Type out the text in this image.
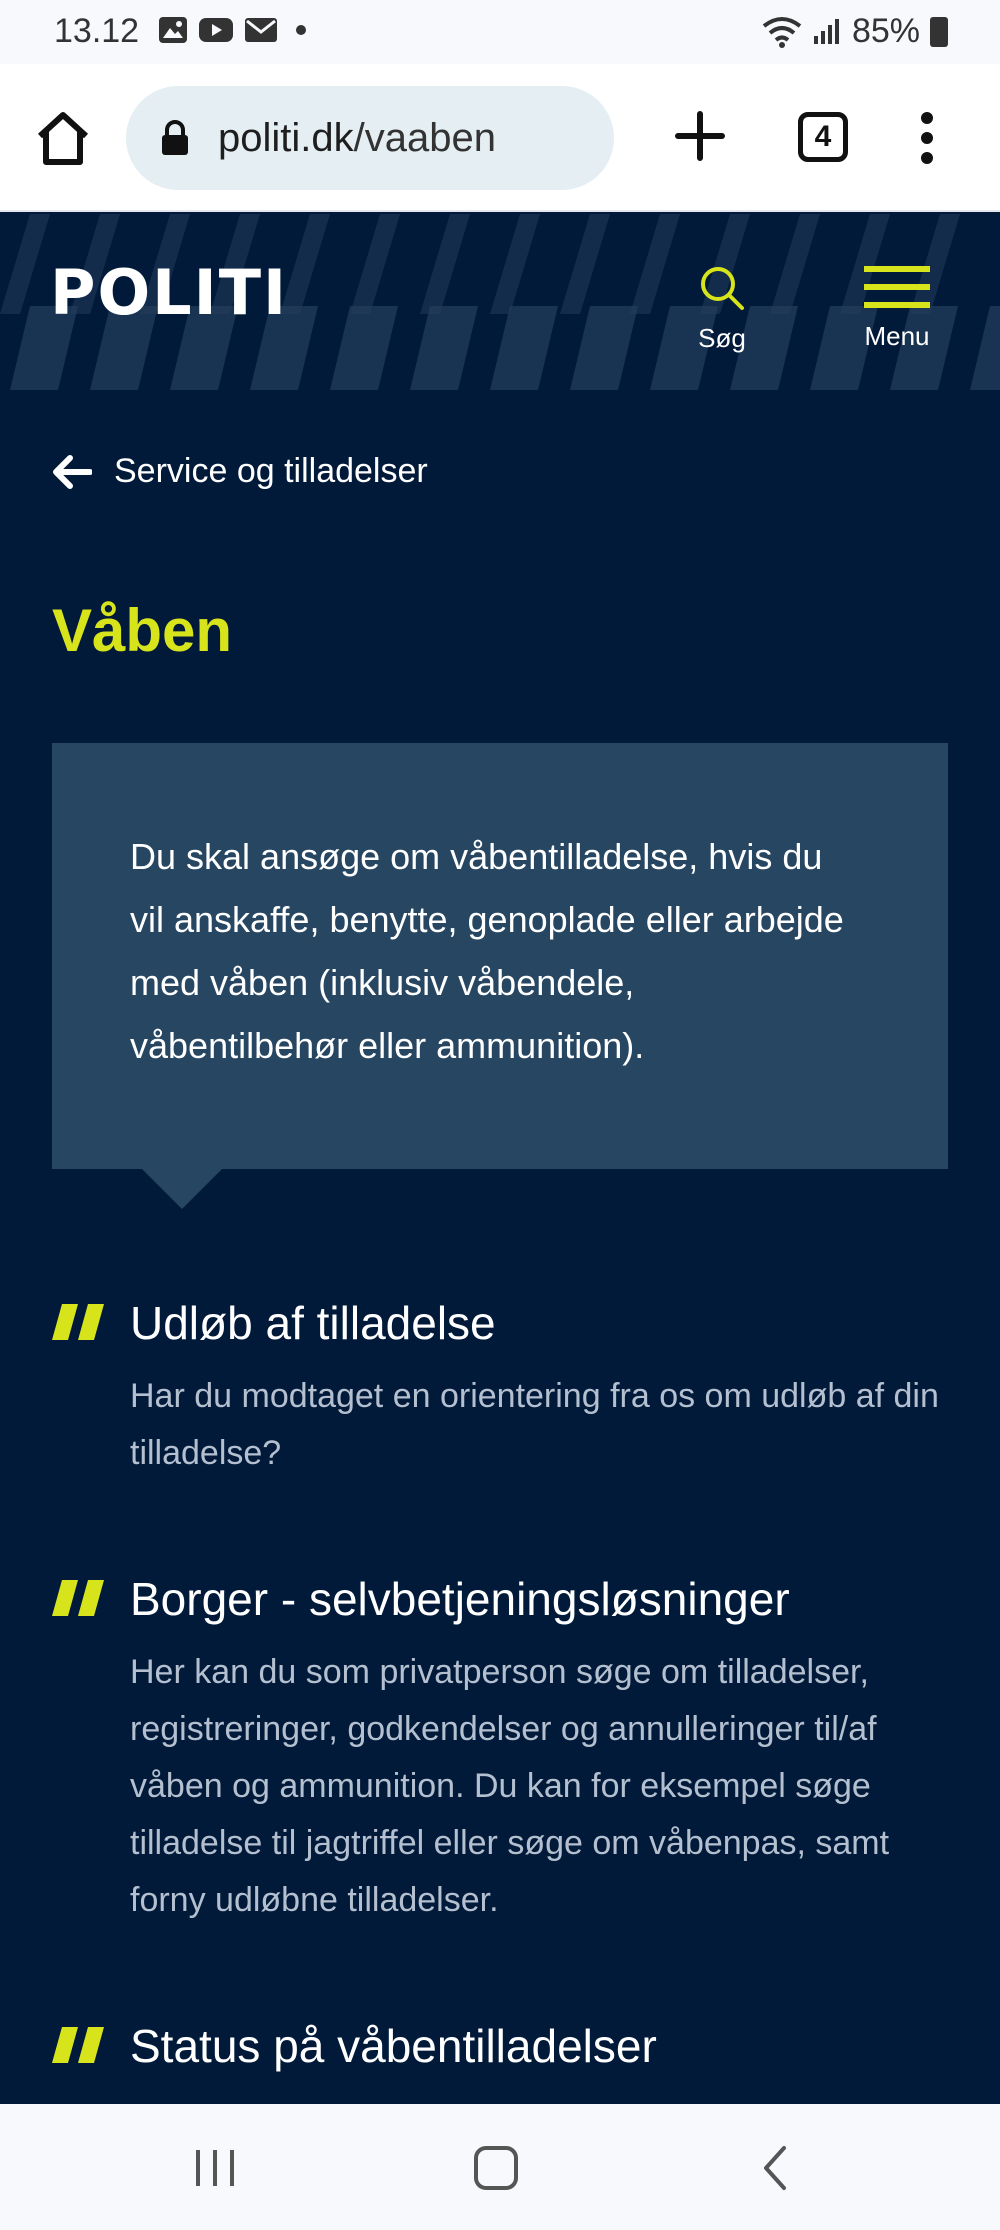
13.12	85%
politi.dk/vaaben	4
POLITI
Søg	Menu
Service og tilladelser
Våben

Du skal ansøge om våbentilladelse, hvis du vil anskaffe, benytte, genoplade eller arbejde med våben (inklusiv våbendele, våbentilbehør eller ammunition).

Udløb af tilladelse
Har du modtaget en orientering fra os om udløb af din tilladelse?
Borger - selvbetjeningsløsninger
Her kan du som privatperson søge om tilladelser, registreringer, godkendelser og annulleringer til/af våben og ammunition. Du kan for eksempel søge tilladelse til jagtriffel eller søge om våbenpas, samt forny udløbne tilladelser.
Status på våbentilladelser
